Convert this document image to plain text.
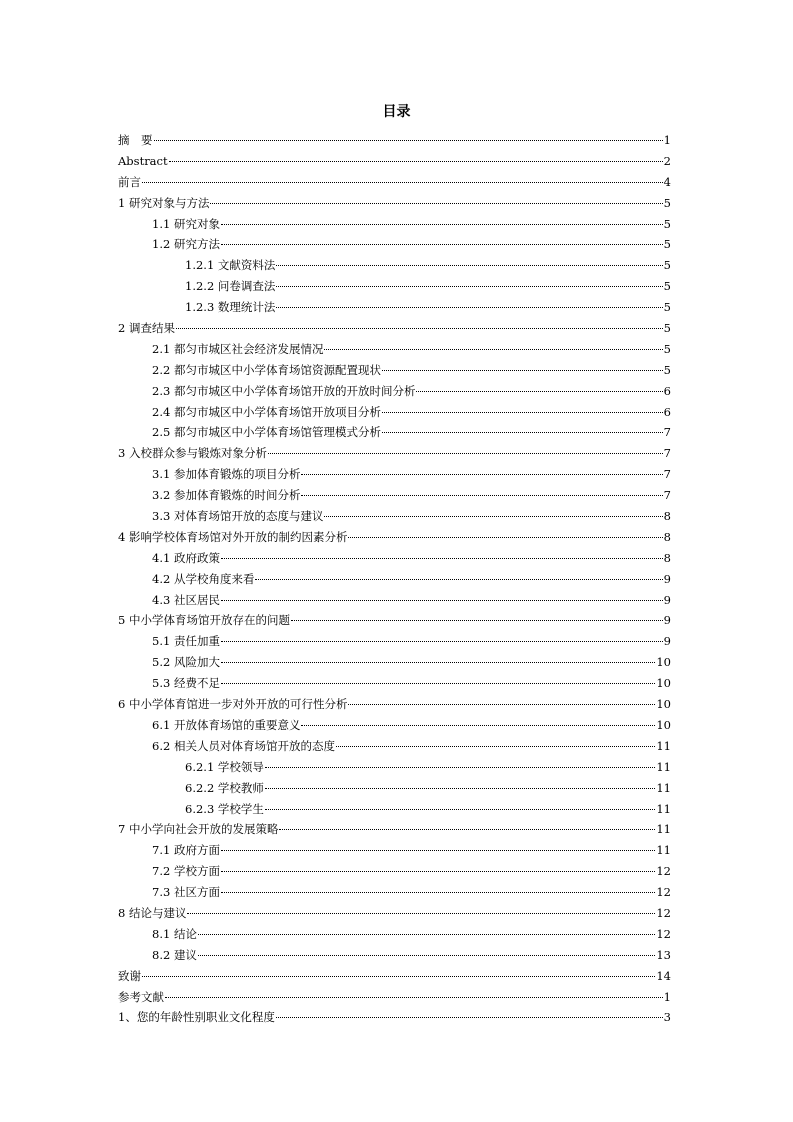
目录
摘　要	1
Abstract	2
前言	4
1 研究对象与方法	5
1.1 研究对象	5
1.2 研究方法	5
1.2.1 文献资料法	5
1.2.2 问卷调查法	5
1.2.3 数理统计法	5
2 调查结果	5
2.1 都匀市城区社会经济发展情况	5
2.2 都匀市城区中小学体育场馆资源配置现状	5
2.3 都匀市城区中小学体育场馆开放的开放时间分析	6
2.4 都匀市城区中小学体育场馆开放项目分析	6
2.5 都匀市城区中小学体育场馆管理模式分析	7
3 入校群众参与锻炼对象分析	7
3.1 参加体育锻炼的项目分析	7
3.2 参加体育锻炼的时间分析	7
3.3 对体育场馆开放的态度与建议	8
4 影响学校体育场馆对外开放的制约因素分析	8
4.1 政府政策	8
4.2 从学校角度来看	9
4.3 社区居民	9
5 中小学体育场馆开放存在的问题	9
5.1 责任加重	9
5.2 风险加大	10
5.3 经费不足	10
6 中小学体育馆进一步对外开放的可行性分析	10
6.1 开放体育场馆的重要意义	10
6.2 相关人员对体育场馆开放的态度	11
6.2.1 学校领导	11
6.2.2 学校教师	11
6.2.3 学校学生	11
7 中小学向社会开放的发展策略	11
7.1 政府方面	11
7.2 学校方面	12
7.3 社区方面	12
8 结论与建议	12
8.1 结论	12
8.2 建议	13
致谢	14
参考文献	1
1、您的年龄性别职业文化程度	3
